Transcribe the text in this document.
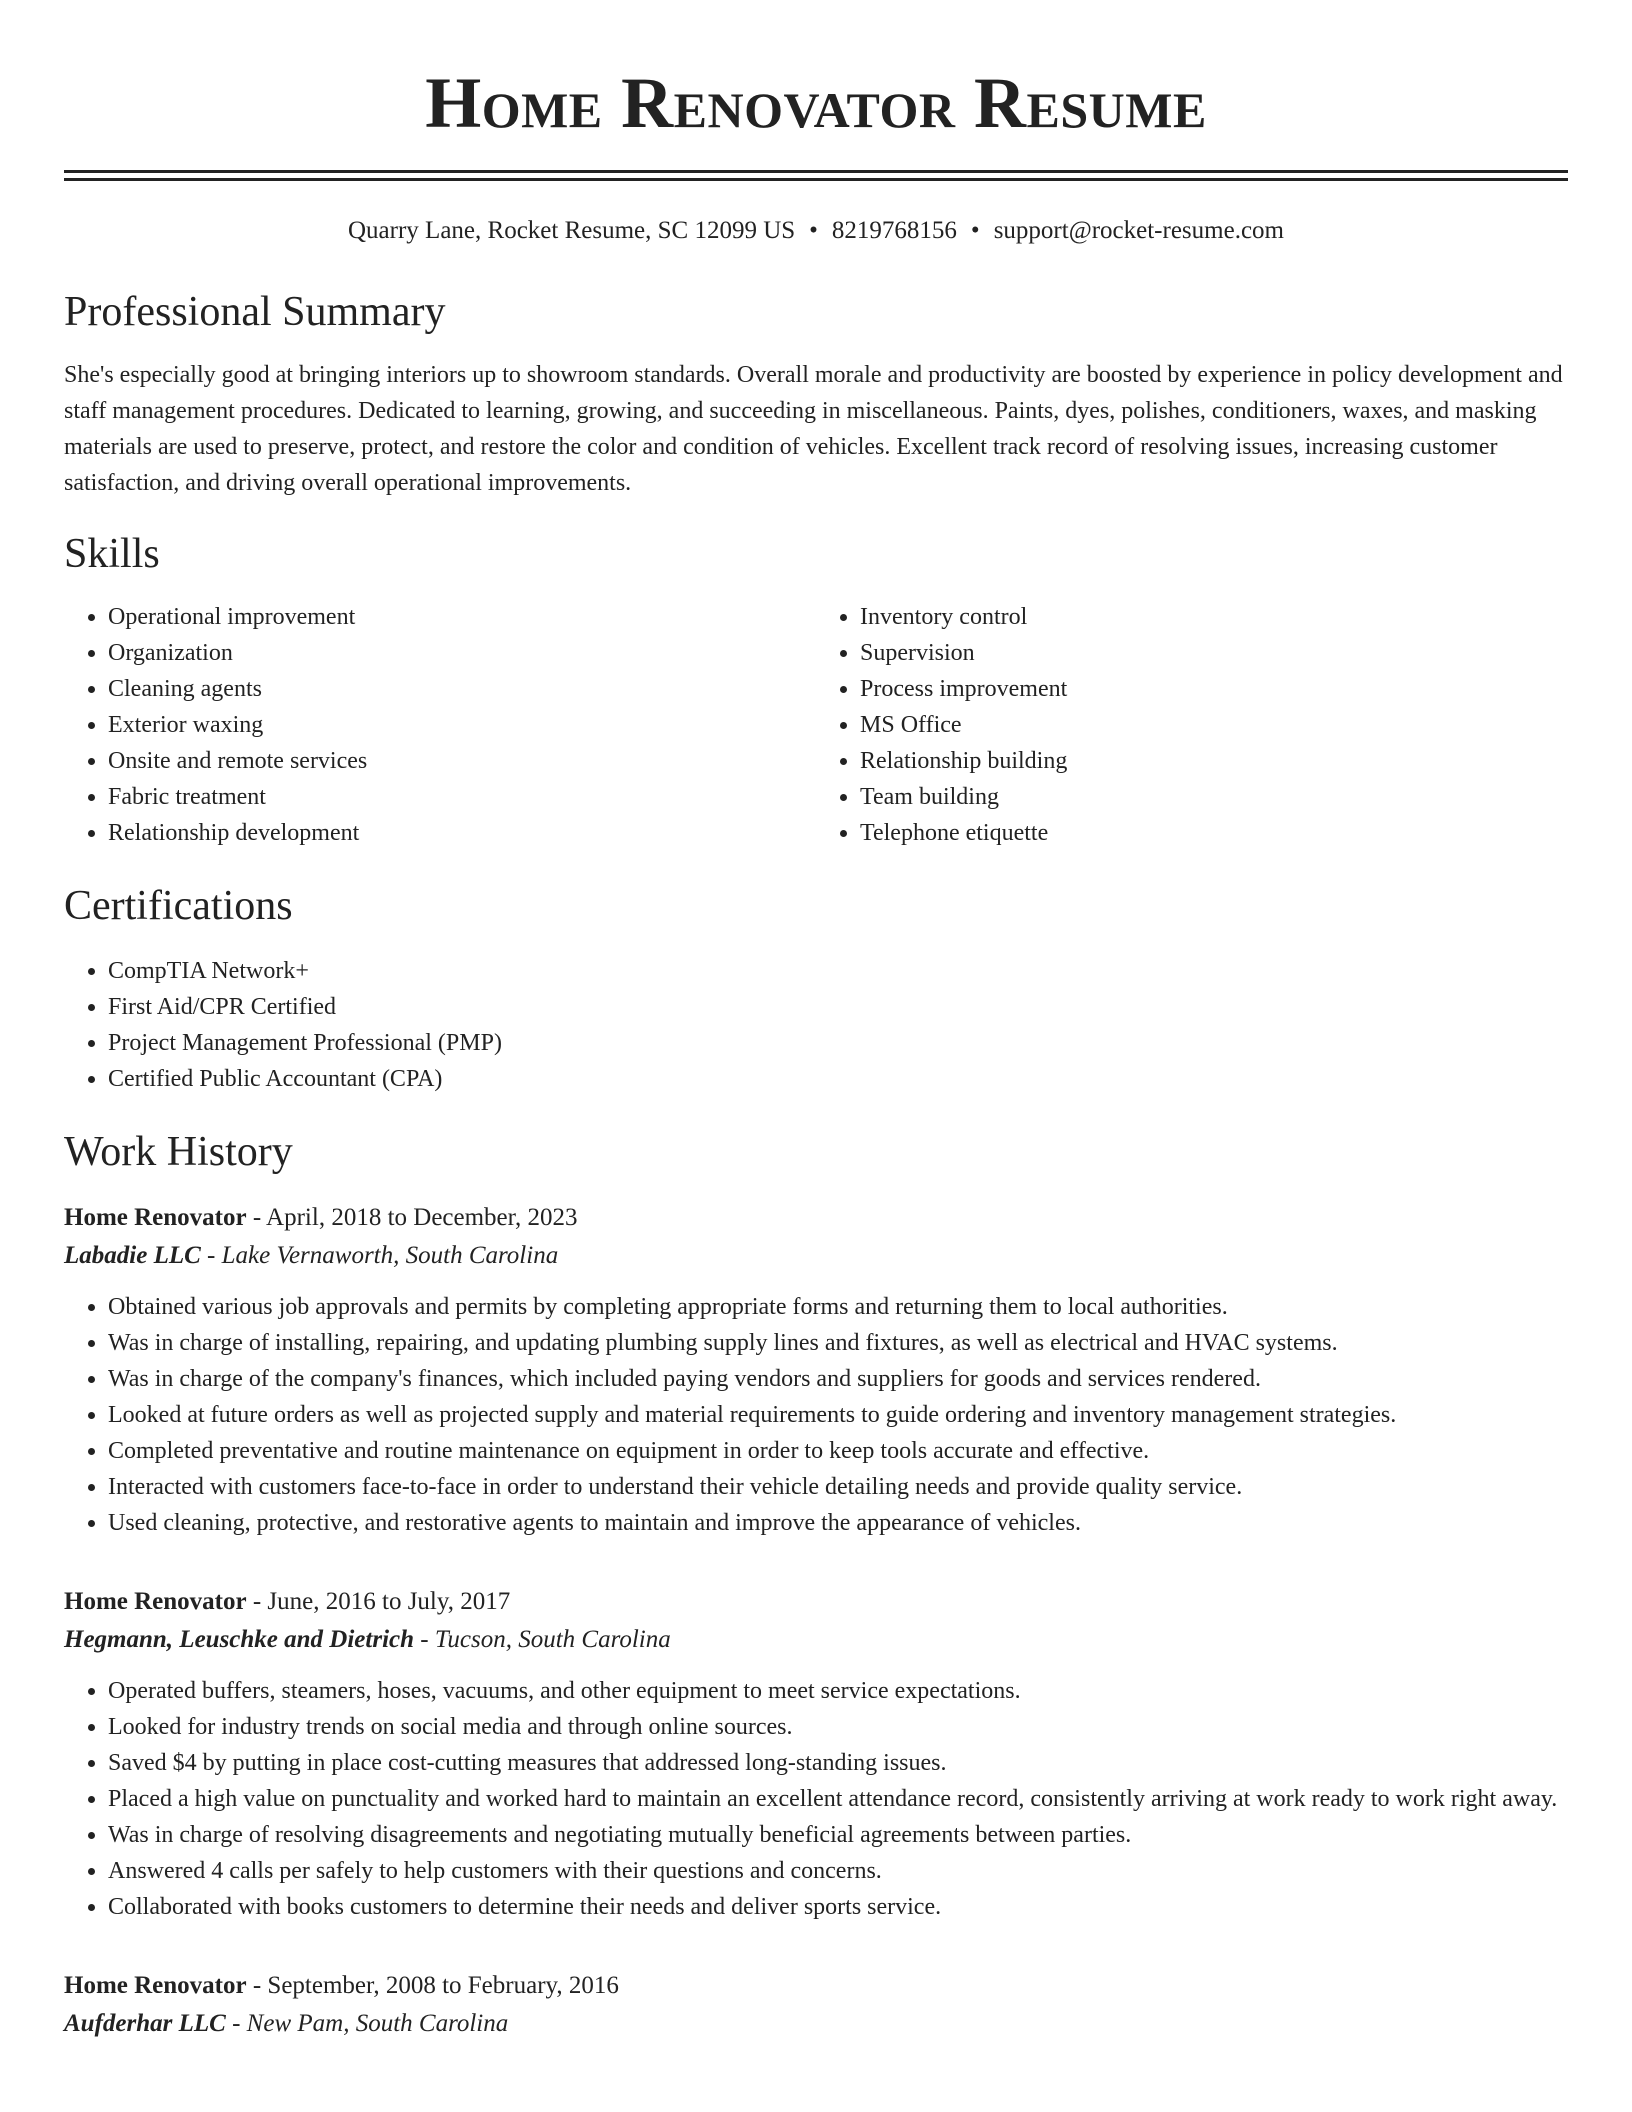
Home Renovator Resume
Quarry Lane, Rocket Resume, SC 12099 US • 8219768156 • support@rocket-resume.com
Professional Summary

She's especially good at bringing interiors up to showroom standards. Overall morale and productivity are boosted by experience in policy development and staff management procedures. Dedicated to learning, growing, and succeeding in miscellaneous. Paints, dyes, polishes, conditioners, waxes, and masking materials are used to preserve, protect, and restore the color and condition of vehicles. Excellent track record of resolving issues, increasing customer satisfaction, and driving overall operational improvements.

Skills
• Operational improvement
• Organization
• Cleaning agents
• Exterior waxing
• Onsite and remote services
• Fabric treatment
• Relationship development
• Inventory control
• Supervision
• Process improvement
• MS Office
• Relationship building
• Team building
• Telephone etiquette
Certifications
• CompTIA Network+
• First Aid/CPR Certified
• Project Management Professional (PMP)
• Certified Public Accountant (CPA)
Work History
Home Renovator - April, 2018 to December, 2023
Labadie LLC - Lake Vernaworth, South Carolina
• Obtained various job approvals and permits by completing appropriate forms and returning them to local authorities.
• Was in charge of installing, repairing, and updating plumbing supply lines and fixtures, as well as electrical and HVAC systems.
• Was in charge of the company's finances, which included paying vendors and suppliers for goods and services rendered.
• Looked at future orders as well as projected supply and material requirements to guide ordering and inventory management strategies.
• Completed preventative and routine maintenance on equipment in order to keep tools accurate and effective.
• Interacted with customers face-to-face in order to understand their vehicle detailing needs and provide quality service.
• Used cleaning, protective, and restorative agents to maintain and improve the appearance of vehicles.
Home Renovator - June, 2016 to July, 2017
Hegmann, Leuschke and Dietrich - Tucson, South Carolina
• Operated buffers, steamers, hoses, vacuums, and other equipment to meet service expectations.
• Looked for industry trends on social media and through online sources.
• Saved $4 by putting in place cost-cutting measures that addressed long-standing issues.
• Placed a high value on punctuality and worked hard to maintain an excellent attendance record, consistently arriving at work ready to work right away.
• Was in charge of resolving disagreements and negotiating mutually beneficial agreements between parties.
• Answered 4 calls per safely to help customers with their questions and concerns.
• Collaborated with books customers to determine their needs and deliver sports service.
Home Renovator - September, 2008 to February, 2016
Aufderhar LLC - New Pam, South Carolina
